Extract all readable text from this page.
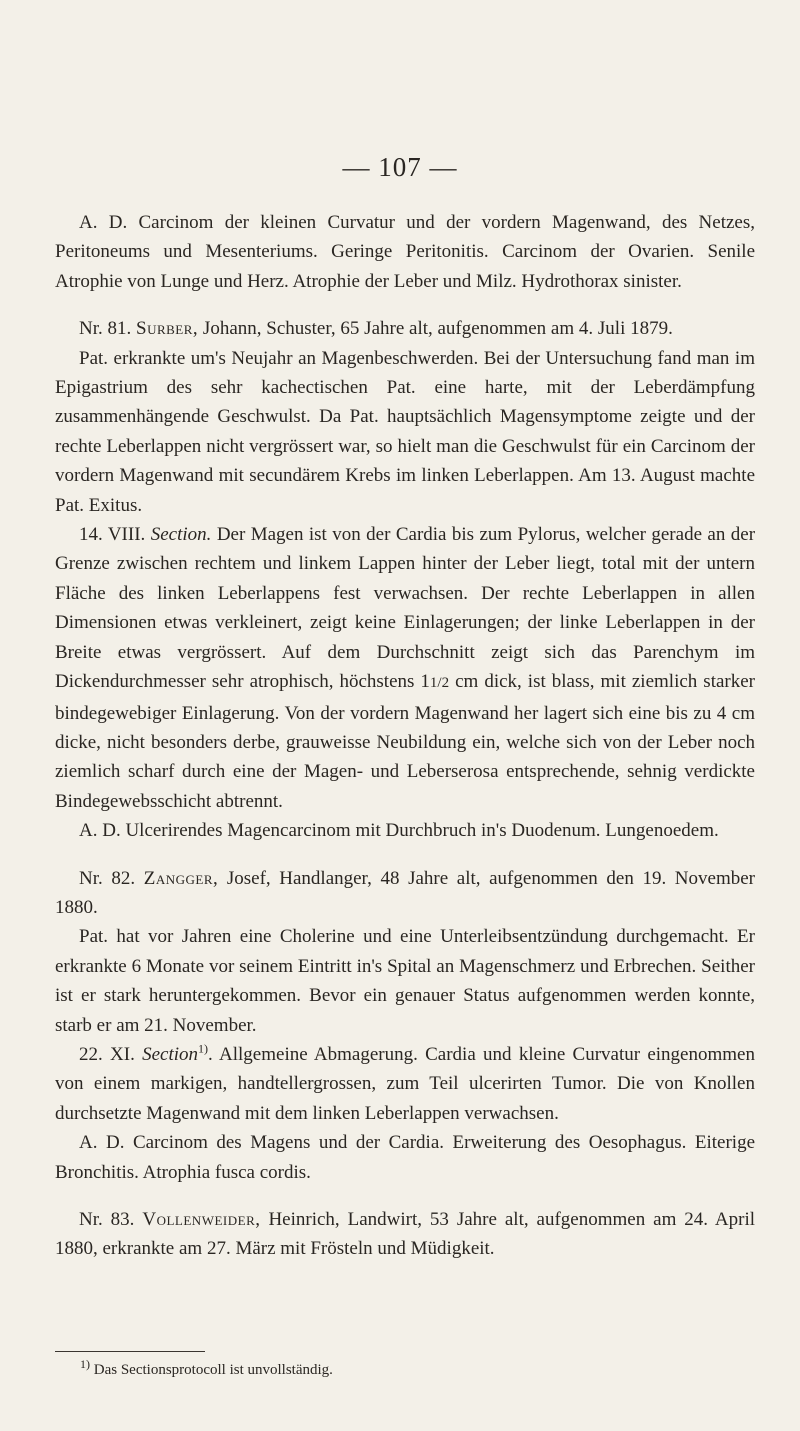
— 107 —

A. D. Carcinom der kleinen Curvatur und der vordern Magenwand, des Netzes, Peritoneums und Mesenteriums. Geringe Peritonitis. Carcinom der Ovarien. Senile Atrophie von Lunge und Herz. Atrophie der Leber und Milz. Hydrothorax sinister.

Nr. 81. Surber, Johann, Schuster, 65 Jahre alt, aufgenommen am 4. Juli 1879.

Pat. erkrankte um's Neujahr an Magenbeschwerden. Bei der Untersuchung fand man im Epigastrium des sehr kachectischen Pat. eine harte, mit der Leberdämpfung zusammenhängende Geschwulst. Da Pat. hauptsächlich Magensymptome zeigte und der rechte Leberlappen nicht vergrössert war, so hielt man die Geschwulst für ein Carcinom der vordern Magenwand mit secundärem Krebs im linken Leberlappen. Am 13. August machte Pat. Exitus.

14. VIII. Section. Der Magen ist von der Cardia bis zum Pylorus, welcher gerade an der Grenze zwischen rechtem und linkem Lappen hinter der Leber liegt, total mit der untern Fläche des linken Leberlappens fest verwachsen. Der rechte Leberlappen in allen Dimensionen etwas verkleinert, zeigt keine Einlagerungen; der linke Leberlappen in der Breite etwas vergrössert. Auf dem Durchschnitt zeigt sich das Parenchym im Dickendurchmesser sehr atrophisch, höchstens 11/2 cm dick, ist blass, mit ziemlich starker bindegewebiger Einlagerung. Von der vordern Magenwand her lagert sich eine bis zu 4 cm dicke, nicht besonders derbe, grauweisse Neubildung ein, welche sich von der Leber noch ziemlich scharf durch eine der Magen- und Leberserosa entsprechende, sehnig verdickte Bindegewebsschicht abtrennt.

A. D. Ulcerirendes Magencarcinom mit Durchbruch in's Duodenum. Lungenoedem.

Nr. 82. Zangger, Josef, Handlanger, 48 Jahre alt, aufgenommen den 19. November 1880.

Pat. hat vor Jahren eine Cholerine und eine Unterleibsentzündung durchgemacht. Er erkrankte 6 Monate vor seinem Eintritt in's Spital an Magenschmerz und Erbrechen. Seither ist er stark heruntergekommen. Bevor ein genauer Status aufgenommen werden konnte, starb er am 21. November.

22. XI. Section$^{1)}$. Allgemeine Abmagerung. Cardia und kleine Curvatur eingenommen von einem markigen, handtellergrossen, zum Teil ulcerirten Tumor. Die von Knollen durchsetzte Magenwand mit dem linken Leberlappen verwachsen.

A. D. Carcinom des Magens und der Cardia. Erweiterung des Oesophagus. Eiterige Bronchitis. Atrophia fusca cordis.

Nr. 83. Vollenweider, Heinrich, Landwirt, 53 Jahre alt, aufgenommen am 24. April 1880, erkrankte am 27. März mit Frösteln und Müdigkeit.

$^{1)}$ Das Sectionsprotocoll ist unvollständig.
